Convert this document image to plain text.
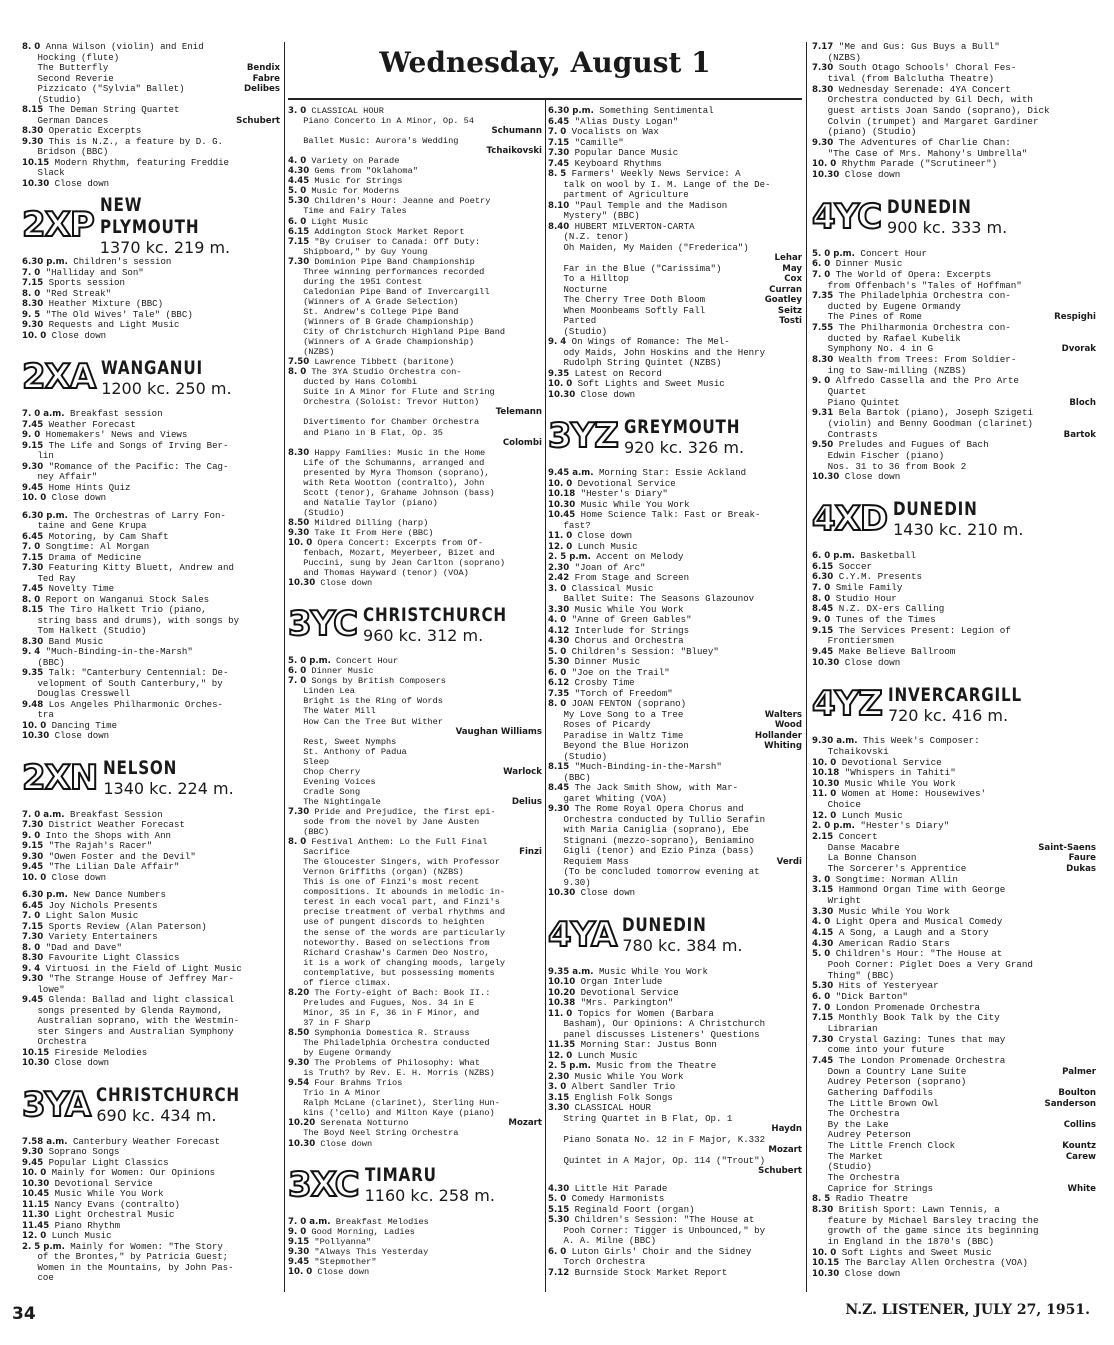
Wednesday, August 1
8. 0 Anna Wilson (violin) and Enid
Hocking (flute)
Bendix
The Butterfly
Fabre
Second Reverie
Delibes
Pizzicato ("Sylvia" Ballet)
(Studio)
8.15 The Deman String Quartet
Schubert
German Dances
8.30 Operatic Excerpts
9.30 This is N.Z., a feature by D. G.
Bridson (BBC)
10.15 Modern Rhythm, featuring Freddie
Slack
10.30 Close down
2XP
NEW PLYMOUTH
1370 kc. 219 m.
6.30 p.m. Children's session
7. 0 "Halliday and Son"
7.15 Sports session
8. 0 "Red Streak"
8.30 Heather Mixture (BBC)
9. 5 "The Old Wives' Tale" (BBC)
9.30 Requests and Light Music
10. 0 Close down
2XA WANGANUI
1200 kc. 250 m.
7. 0 a.m. Breakfast session
7.45 Weather Forecast
9. 0 Homemakers' News and Views
9.15 The Life and Songs of Irving Ber-
lin
9.30 "Romance of the Pacific: The Cag-
ney Affair"
9.45 Home Hints Quiz
10. 0 Close down
6.30 p.m. The Orchestras of Larry Fon-
taine and Gene Krupa
6.45 Motoring, by Cam Shaft
7. 0 Songtime: Al Morgan
7.15 Drama of Medicine
7.30 Featuring Kitty Bluett, Andrew and
Ted Ray
7.45 Novelty Time
8. 0 Report on Wanganui Stock Sales
8.15 The Tiro Halkett Trio (piano,
string bass and drums), with songs by
Tom Halkett (Studio)
8.30 Band Music
9. 4 "Much-Binding-in-the-Marsh"
(BBC)
9.35 Talk: "Canterbury Centennial: De-
velopment of South Canterbury," by
Douglas Cresswell
9.48 Los Angeles Philharmonic Orches-
tra
10. 0 Dancing Time
10.30 Close down
2XN NELSON
1340 kc. 224 m.
7. 0 a.m. Breakfast Session
7.30 District Weather Forecast
9. 0 Into the Shops with Ann
9.15 "The Rajah's Racer"
9.30 "Owen Foster and the Devil"
9.45 "The Lilian Dale Affair"
10. 0 Close down
6.30 p.m. New Dance Numbers
6.45 Joy Nichols Presents
7. 0 Light Salon Music
7.15 Sports Review (Alan Paterson)
7.30 Variety Entertainers
8. 0 "Dad and Dave"
8.30 Favourite Light Classics
9. 4 Virtuosi in the Field of Light Music
9.30 "The Strange House of Jeffrey Mar-
lowe"
9.45 Glenda: Ballad and light classical
songs presented by Glenda Raymond,
Australian soprano, with the Westmin-
ster Singers and Australian Symphony
Orchestra
10.15 Fireside Melodies
10.30 Close down
3YA CHRISTCHURCH
690 kc. 434 m.
7.58 a.m. Canterbury Weather Forecast
9.30 Soprano Songs
9.45 Popular Light Classics
10. 0 Mainly for Women: Our Opinions
10.30 Devotional Service
10.45 Music While You Work
11.15 Nancy Evans (contralto)
11.30 Light Orchestral Music
11.45 Piano Rhythm
12. 0 Lunch Music
2. 5 p.m. Mainly for Women: "The Story
of the Brontes," by Patricia Guest;
Women in the Mountains, by John Pas-
coe
3. 0 CLASSICAL HOUR
Piano Concerto in A Minor, Op. 54
Schumann

Ballet Music: Aurora's Wedding
Tchaikovski

4. 0 Variety on Parade
4.30 Gems from "Oklahoma"
4.45 Music for Strings
5. 0 Music for Moderns
5.30 Children's Hour: Jeanne and Poetry
Time and Fairy Tales
6. 0 Light Music
6.15 Addington Stock Market Report
7.15 "By Cruiser to Canada: Off Duty:
Shipboard," by Guy Young
7.30 Dominion Pipe Band Championship
Three winning performances recorded
during the 1951 Contest
Caledonian Pipe Band of Invercargill
(Winners of A Grade Selection)
St. Andrew's College Pipe Band
(Winners of B Grade Championship)
City of Christchurch Highland Pipe Band
(Winners of A Grade Championship)
(NZBS)
7.50 Lawrence Tibbett (baritone)
8. 0 The 3YA Studio Orchestra con-
ducted by Hans Colombi
Suite in A Minor for Flute and String
Orchestra (Soloist: Trevor Hutton)
Telemann

Divertimento for Chamber Orchestra
and Piano in B Flat, Op. 35
Colombi

8.30 Happy Families: Music in the Home
Life of the Schumanns, arranged and
presented by Myra Thomson (soprano),
with Reta Wootton (contralto), John
Scott (tenor), Grahame Johnson (bass)
and Natalie Taylor (piano)
(Studio)
8.50 Mildred Dilling (harp)
9.30 Take It From Here (BBC)
10. 0 Opera Concert: Excerpts from Of-
fenbach, Mozart, Meyerbeer, Bizet and
Puccini, sung by Jean Carlton (soprano)
and Thomas Hayward (tenor) (VOA)
10.30 Close down
3YC CHRISTCHURCH
960 kc. 312 m.
5. 0 p.m. Concert Hour
6. 0 Dinner Music
7. 0 Songs by British Composers
Linden Lea
Bright is the Ring of Words
The Water Mill
How Can the Tree But Wither
Vaughan Williams

Rest, Sweet Nymphs
St. Anthony of Padua
Sleep
Warlock
Chop Cherry
Evening Voices
Cradle Song
Delius
The Nightingale
7.30 Pride and Prejudice, the first epi-
sode from the novel by Jane Austen
(BBC)
8. 0 Festival Anthem: Lo the Full Final
Finzi
Sacrifice
The Gloucester Singers, with Professor
Vernon Griffiths (organ) (NZBS)
This is one of Finzi's most recent
compositions. It abounds in melodic in-
terest in each vocal part, and Finzi's
precise treatment of verbal rhythms and
use of pungent discords to heighten
the sense of the words are particularly
noteworthy. Based on selections from
Richard Crashaw's Carmen Deo Nostro,
it is a work of changing moods, largely
contemplative, but possessing moments
of fierce climax.
8.20 The Forty-eight of Bach: Book II.:
Preludes and Fugues, Nos. 34 in E
Minor, 35 in F, 36 in F Minor, and
37 in F Sharp
8.50 Symphonia Domestica R. Strauss
The Philadelphia Orchestra conducted
by Eugene Ormandy
9.30 The Problems of Philosophy: What
is Truth? by Rev. E. H. Morris (NZBS)
9.54 Four Brahms Trios
Trio in A Minor
Ralph McLane (clarinet), Sterling Hun-
kins ('cello) and Milton Kaye (piano)
Mozart
10.20 Serenata Notturno
The Boyd Neel String Orchestra
10.30 Close down
3XC TIMARU
1160 kc. 258 m.
7. 0 a.m. Breakfast Melodies
9. 0 Good Morning, Ladies
9.15 "Pollyanna"
9.30 "Always This Yesterday
9.45 "Stepmother"
10. 0 Close down
6.30 p.m. Something Sentimental
6.45 "Alias Dusty Logan"
7. 0 Vocalists on Wax
7.15 "Camille"
7.30 Popular Dance Music
7.45 Keyboard Rhythms
8. 5 Farmers' Weekly News Service: A
talk on wool by I. M. Lange of the De-
partment of Agriculture
8.10 "Paul Temple and the Madison
Mystery" (BBC)
8.40 HUBERT MILVERTON-CARTA
(N.Z. tenor)
Oh Maiden, My Maiden ("Frederica")
Lehar

May
Far in the Blue ("Carissima")
Cox
To a Hilltop
Curran
Nocturne
Goatley
The Cherry Tree Doth Bloom
Seitz
When Moonbeams Softly Fall
Tosti
Parted
(Studio)
9. 4 On Wings of Romance: The Mel-
ody Maids, John Hoskins and the Henry
Rudolph String Quintet (NZBS)
9.35 Latest on Record
10. 0 Soft Lights and Sweet Music
10.30 Close down
3YZ GREYMOUTH
920 kc. 326 m.
9.45 a.m. Morning Star: Essie Ackland
10. 0 Devotional Service
10.18 "Hester's Diary"
10.30 Music While You Work
10.45 Home Science Talk: Fast or Break-
fast?
11. 0 Close down
12. 0 Lunch Music
2. 5 p.m. Accent on Melody
2.30 "Joan of Arc"
2.42 From Stage and Screen
3. 0 Classical Music
Ballet Suite: The Seasons Glazounov
3.30 Music While You Work
4. 0 "Anne of Green Gables"
4.12 Interlude for Strings
4.30 Chorus and Orchestra
5. 0 Children's Session: "Bluey"
5.30 Dinner Music
6. 0 "Joe on the Trail"
6.12 Crosby Time
7.35 "Torch of Freedom"
8. 0 JOAN FENTON (soprano)
Walters
My Love Song to a Tree
Wood
Roses of Picardy
Hollander
Paradise in Waltz Time
Whiting
Beyond the Blue Horizon
(Studio)
8.15 "Much-Binding-in-the-Marsh"
(BBC)
8.45 The Jack Smith Show, with Mar-
garet Whiting (VOA)
9.30 The Rome Royal Opera Chorus and
Orchestra conducted by Tullio Serafin
with Maria Caniglia (soprano), Ebe
Stignani (mezzo-soprano), Beniamino
Gigli (tenor) and Ezio Pinza (bass)
Verdi
Requiem Mass
(To be concluded tomorrow evening at
9.30)
10.30 Close down
4YA DUNEDIN
780 kc. 384 m.
9.35 a.m. Music While You Work
10.10 Organ Interlude
10.20 Devotional Service
10.38 "Mrs. Parkington"
11. 0 Topics for Women (Barbara
Basham), Our Opinions: A Christchurch
panel discusses Listeners' Questions
11.35 Morning Star: Justus Bonn
12. 0 Lunch Music
2. 5 p.m. Music from the Theatre
2.30 Music While You Work
3. 0 Albert Sandler Trio
3.15 English Folk Songs
3.30 CLASSICAL HOUR
String Quartet in B Flat, Op. 1
Haydn

Piano Sonata No. 12 in F Major, K.332
Mozart

Quintet in A Major, Op. 114 ("Trout")
Schubert

4.30 Little Hit Parade
5. 0 Comedy Harmonists
5.15 Reginald Foort (organ)
5.30 Children's Session: "The House at
Pooh Corner: Tigger is Unbounced," by
A. A. Milne (BBC)
6. 0 Luton Girls' Choir and the Sidney
Torch Orchestra
7.12 Burnside Stock Market Report
7.17 "Me and Gus: Gus Buys a Bull"
(NZBS)
7.30 South Otago Schools' Choral Fes-
tival (from Balclutha Theatre)
8.30 Wednesday Serenade: 4YA Concert
Orchestra conducted by Gil Dech, with
guest artists Joan Sando (soprano), Dick
Colvin (trumpet) and Margaret Gardiner
(piano) (Studio)
9.30 The Adventures of Charlie Chan:
"The Case of Mrs. Mahony's Umbrella"
10. 0 Rhythm Parade ("Scrutineer")
10.30 Close down
4YC DUNEDIN
900 kc. 333 m.
5. 0 p.m. Concert Hour
6. 0 Dinner Music
7. 0 The World of Opera: Excerpts
from Offenbach's "Tales of Hoffman"
7.35 The Philadelphia Orchestra con-
ducted by Eugene Ormandy
Respighi
The Pines of Rome
7.55 The Philharmonia Orchestra con-
ducted by Rafael Kubelik
Dvorak
Symphony No. 4 in G
8.30 Wealth from Trees: From Soldier-
ing to Saw-milling (NZBS)
9. 0 Alfredo Cassella and the Pro Arte
Quartet
Bloch
Piano Quintet
9.31 Bela Bartok (piano), Joseph Szigeti
(violin) and Benny Goodman (clarinet)
Bartok
Contrasts
9.50 Preludes and Fugues of Bach
Edwin Fischer (piano)
Nos. 31 to 36 from Book 2
10.30 Close down
4XD DUNEDIN
1430 kc. 210 m.
6. 0 p.m. Basketball
6.15 Soccer
6.30 C.Y.M. Presents
7. 0 Smile Family
8. 0 Studio Hour
8.45 N.Z. DX-ers Calling
9. 0 Tunes of the Times
9.15 The Services Present: Legion of
Frontiersmen
9.45 Make Believe Ballroom
10.30 Close down
4YZ INVERCARGILL
720 kc. 416 m.
9.30 a.m. This Week's Composer:
Tchaikovski
10. 0 Devotional Service
10.18 "Whispers in Tahiti"
10.30 Music While You Work
11. 0 Women at Home: Housewives'
Choice
12. 0 Lunch Music
2. 0 p.m. "Hester's Diary"
2.15 Concert
Saint-Saens
Danse Macabre
Faure
La Bonne Chanson
Dukas
The Sorcerer's Apprentice
3. 0 Songtime: Norman Allin
3.15 Hammond Organ Time with George
Wright
3.30 Music While You Work
4. 0 Light Opera and Musical Comedy
4.15 A Song, a Laugh and a Story
4.30 American Radio Stars
5. 0 Children's Hour: "The House at
Pooh Corner: Piglet Does a Very Grand
Thing" (BBC)
5.30 Hits of Yesteryear
6. 0 "Dick Barton"
7. 0 London Promenade Orchestra
7.15 Monthly Book Talk by the City
Librarian
7.30 Crystal Gazing: Tunes that may
come into your future
7.45 The London Promenade Orchestra
Palmer
Down a Country Lane Suite
Audrey Peterson (soprano)
Boulton
Gathering Daffodils
Sanderson
The Little Brown Owl
The Orchestra
Collins
By the Lake
Audrey Peterson
Kountz
The Little French Clock
Carew
The Market
(Studio)
The Orchestra
White
Caprice for Strings
8. 5 Radio Theatre
8.30 British Sport: Lawn Tennis, a
feature by Michael Barsley tracing the
growth of the game since its beginning
in England in the 1870's (BBC)
10. 0 Soft Lights and Sweet Music
10.15 The Barclay Allen Orchestra (VOA)
10.30 Close down
34	N.Z. LISTENER, JULY 27, 1951.
